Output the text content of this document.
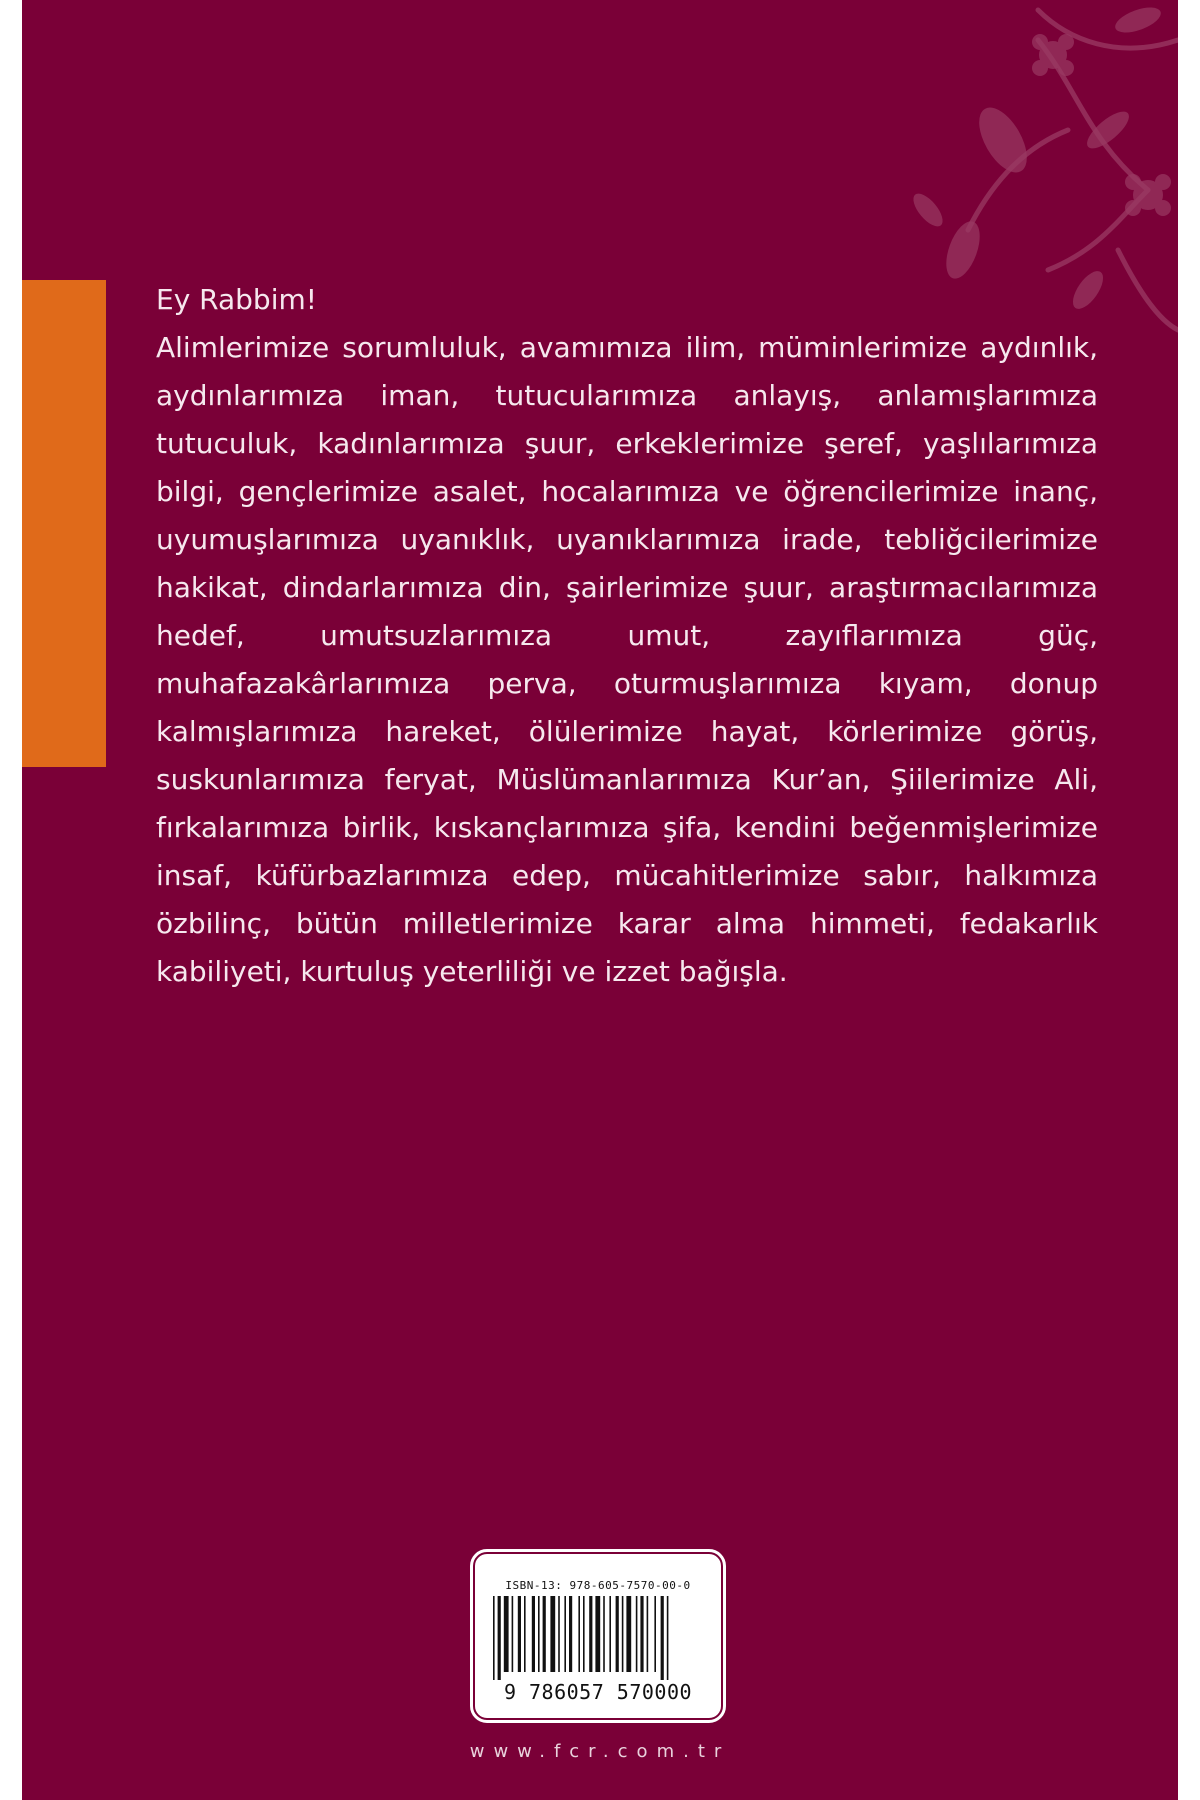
Ey Rabbim!

Alimlerimize sorumluluk, avamımıza ilim, müminlerimize aydınlık, aydınlarımıza iman, tutucularımıza anlayış, anlamışlarımıza tutuculuk, kadınlarımıza şuur, erkeklerimize şeref, yaşlılarımıza bilgi, gençlerimize asalet, hocalarımıza ve öğrencilerimize inanç, uyumuşlarımıza uyanıklık, uyanıklarımıza irade, tebliğcilerimize hakikat, dindarlarımıza din, şairlerimize şuur, araştırmacılarımıza hedef, umutsuzlarımıza umut, zayıflarımıza güç, muhafazakârlarımıza perva, oturmuşlarımıza kıyam, donup kalmışlarımıza hareket, ölülerimize hayat, körlerimize görüş, suskunlarımıza feryat, Müslümanlarımıza Kur’an, Şiilerimize Ali, fırkalarımıza birlik, kıskançlarımıza şifa, kendini beğenmişlerimize insaf, küfürbazlarımıza edep, mücahitlerimize sabır, halkımıza özbilinç, bütün milletlerimize karar alma himmeti, fedakarlık kabiliyeti, kurtuluş yeterliliği ve izzet bağışla.

ISBN-13: 978-605-7570-00-0
9 786057 570000
www.fcr.com.tr
